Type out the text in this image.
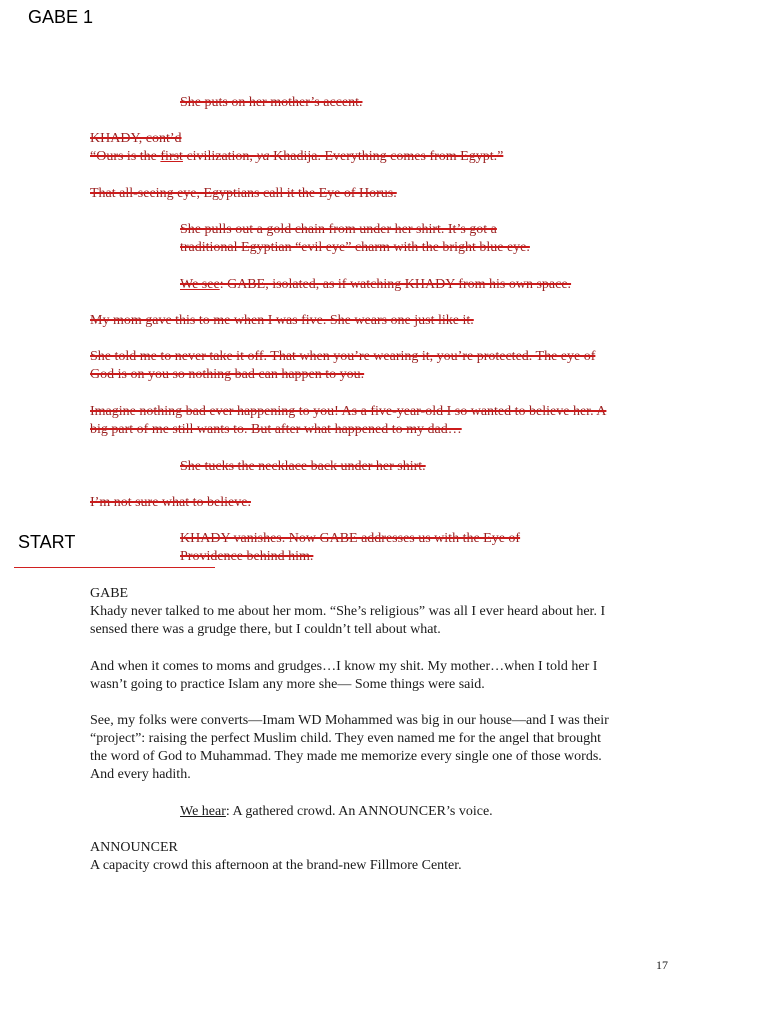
GABE 1
She puts on her mother’s accent.
KHADY, cont’d
“Ours is the first civilization, ya Khadija. Everything comes from Egypt.”
That all-seeing eye, Egyptians call it the Eye of Horus.
She pulls out a gold chain from under her shirt. It’s got a
traditional Egyptian “evil eye” charm with the bright blue eye.
We see: GABE, isolated, as if watching KHADY from his own space.
My mom gave this to me when I was five. She wears one just like it.
She told me to never take it off. That when you’re wearing it, you’re protected. The eye of
God is on you so nothing bad can happen to you.
Imagine nothing bad ever happening to you! As a five-year-old I so wanted to believe her. A
big part of me still wants to. But after what happened to my dad…
She tucks the necklace back under her shirt.
I’m not sure what to believe.
START	KHADY vanishes. Now GABE addresses us with the Eye of
Providence behind him.
GABE
Khady never talked to me about her mom. “She’s religious” was all I ever heard about her. I
sensed there was a grudge there, but I couldn’t tell about what.
And when it comes to moms and grudges…I know my shit. My mother…when I told her I
wasn’t going to practice Islam any more she— Some things were said.
See, my folks were converts—Imam WD Mohammed was big in our house—and I was their
“project”: raising the perfect Muslim child. They even named me for the angel that brought
the word of God to Muhammad. They made me memorize every single one of those words.
And every hadith.
We hear: A gathered crowd. An ANNOUNCER’s voice.
ANNOUNCER
A capacity crowd this afternoon at the brand-new Fillmore Center.
17
